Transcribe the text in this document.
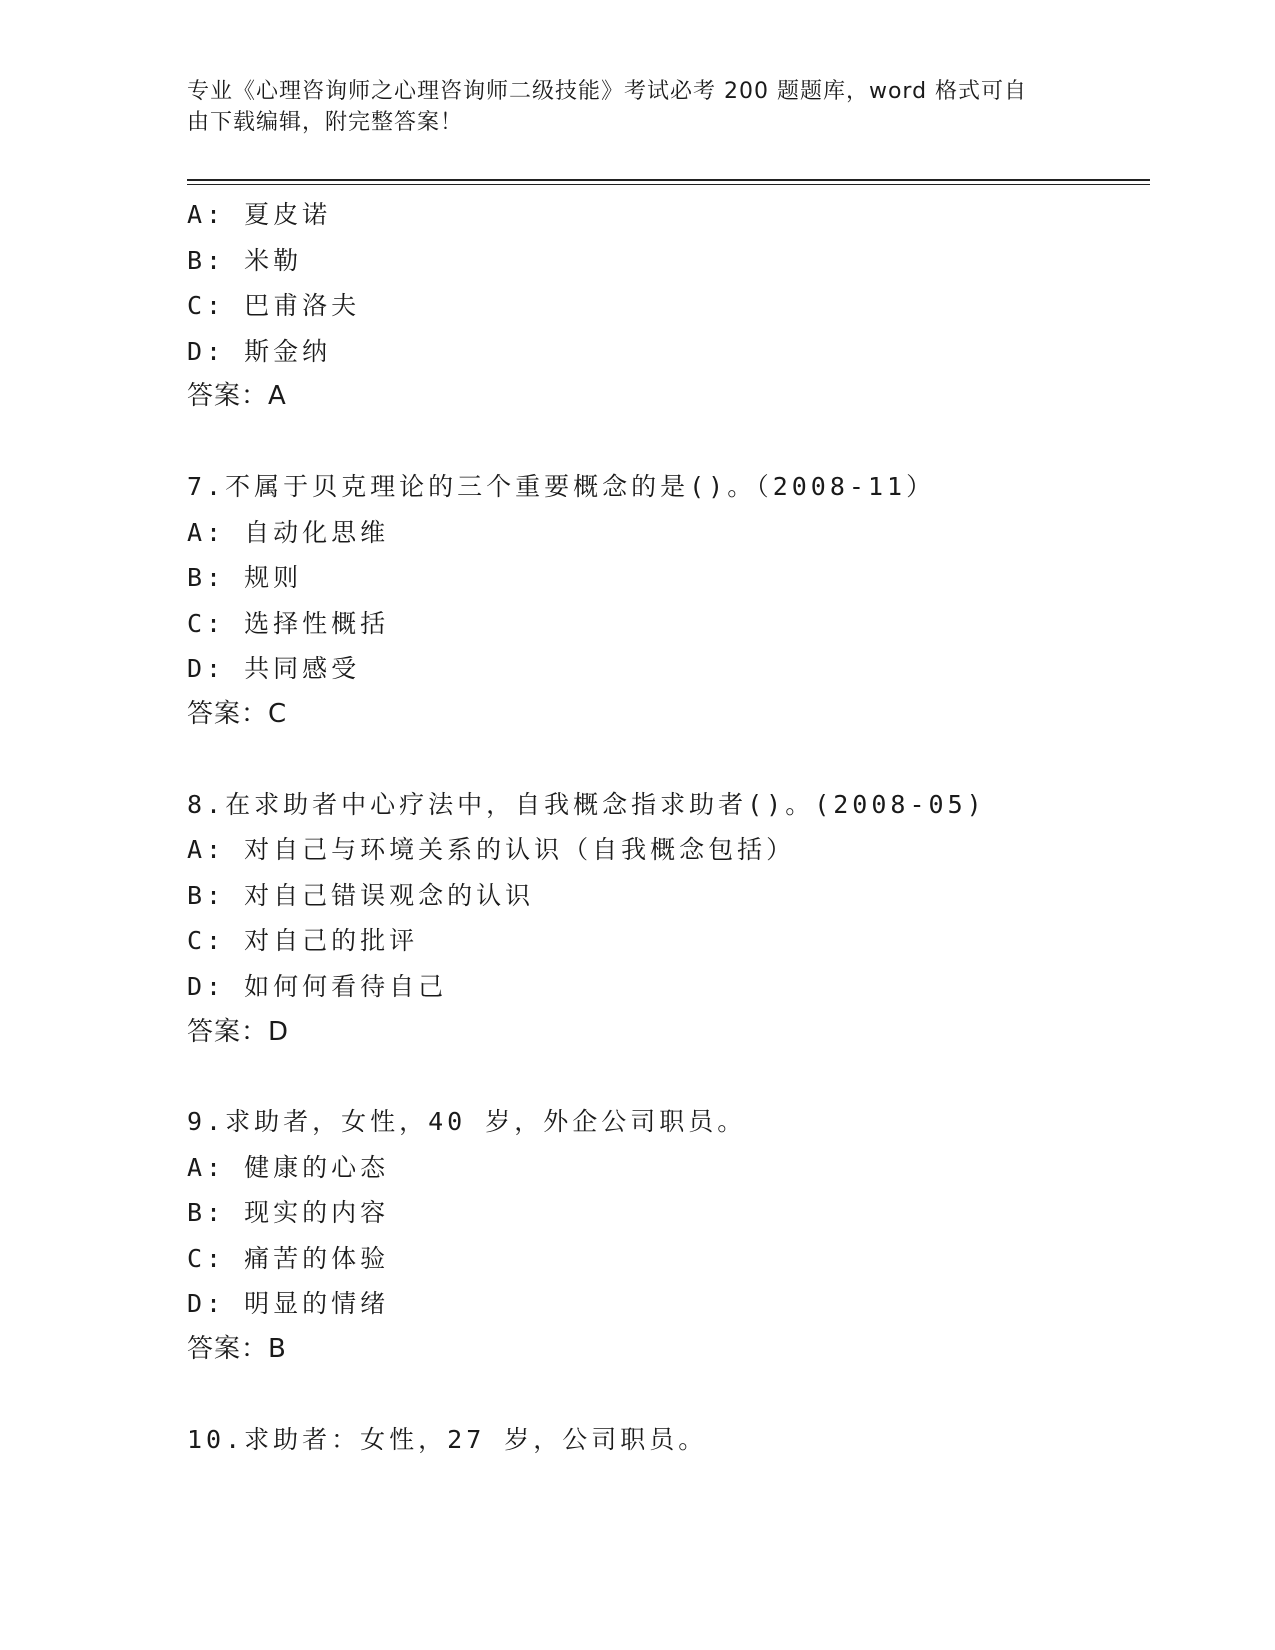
专业《心理咨询师之心理咨询师二级技能》考试必考 200 题题库，word 格式可自
由下载编辑，附完整答案！
A: 夏皮诺
B: 米勒
C: 巴甫洛夫
D: 斯金纳
答案：A
7.不属于贝克理论的三个重要概念的是()。（2008-11）
A: 自动化思维
B: 规则
C: 选择性概括
D: 共同感受
答案：C
8.在求助者中心疗法中，自我概念指求助者()。(2008-05)
A: 对自己与环境关系的认识（自我概念包括）
B: 对自己错误观念的认识
C: 对自己的批评
D: 如何何看待自己
答案：D
9.求助者，女性，40 岁，外企公司职员。
A: 健康的心态
B: 现实的内容
C: 痛苦的体验
D: 明显的情绪
答案：B
10.求助者：女性，27 岁，公司职员。
